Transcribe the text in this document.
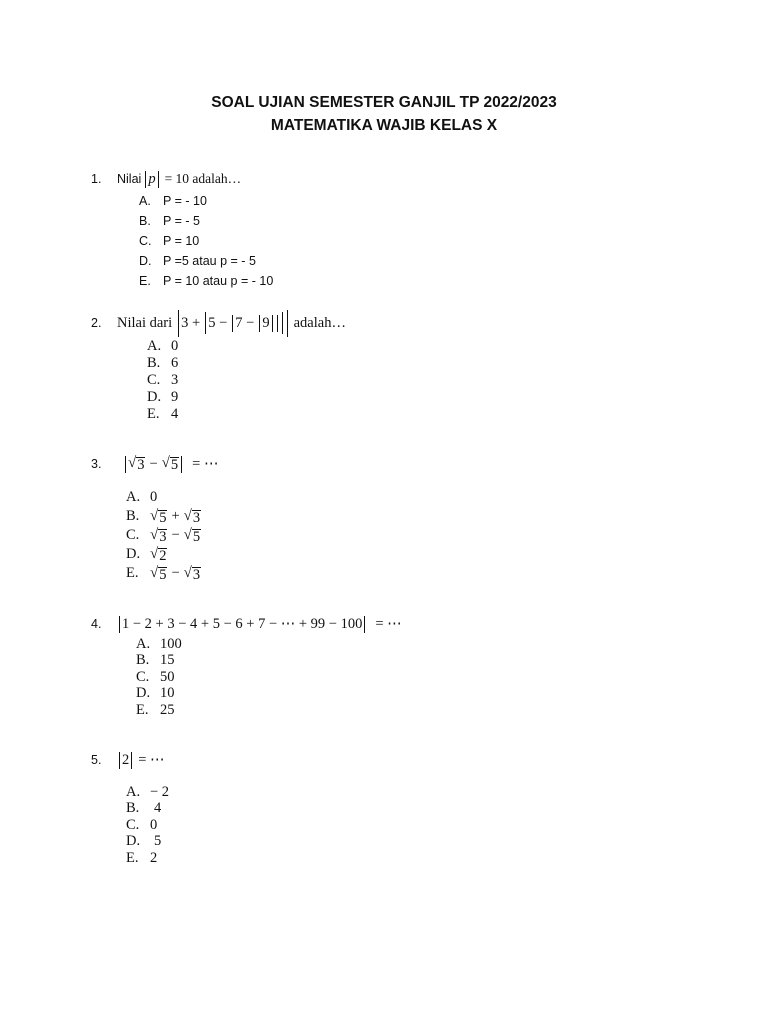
SOAL UJIAN SEMESTER GANJIL TP 2022/2023
MATEMATIKA WAJIB KELAS X
1.	Nilai p = 10 adalah…
A. P = - 10
B. P = - 5
C. P = 10
D. P =5 atau p = - 5
E. P = 10 atau p = - 10
2.	Nilai dari 3 + 5 − 7 − 9 adalah…
A. 0
B. 6
C. 3
D. 9
E. 4
3.	√ 3 − √ 5 = ⋯
A. 0
B. √ 5 + √ 3
C. √ 3 − √ 5
D. √ 2
E. √ 5 − √ 3
4.	1 − 2 + 3 − 4 + 5 − 6 + 7 − ⋯ + 99 − 100 = ⋯
A. 100
B. 15
C. 50
D. 10
E. 25
5.	2 = ⋯
A. − 2
B.	4
C. 0
D. 5
E. 2
